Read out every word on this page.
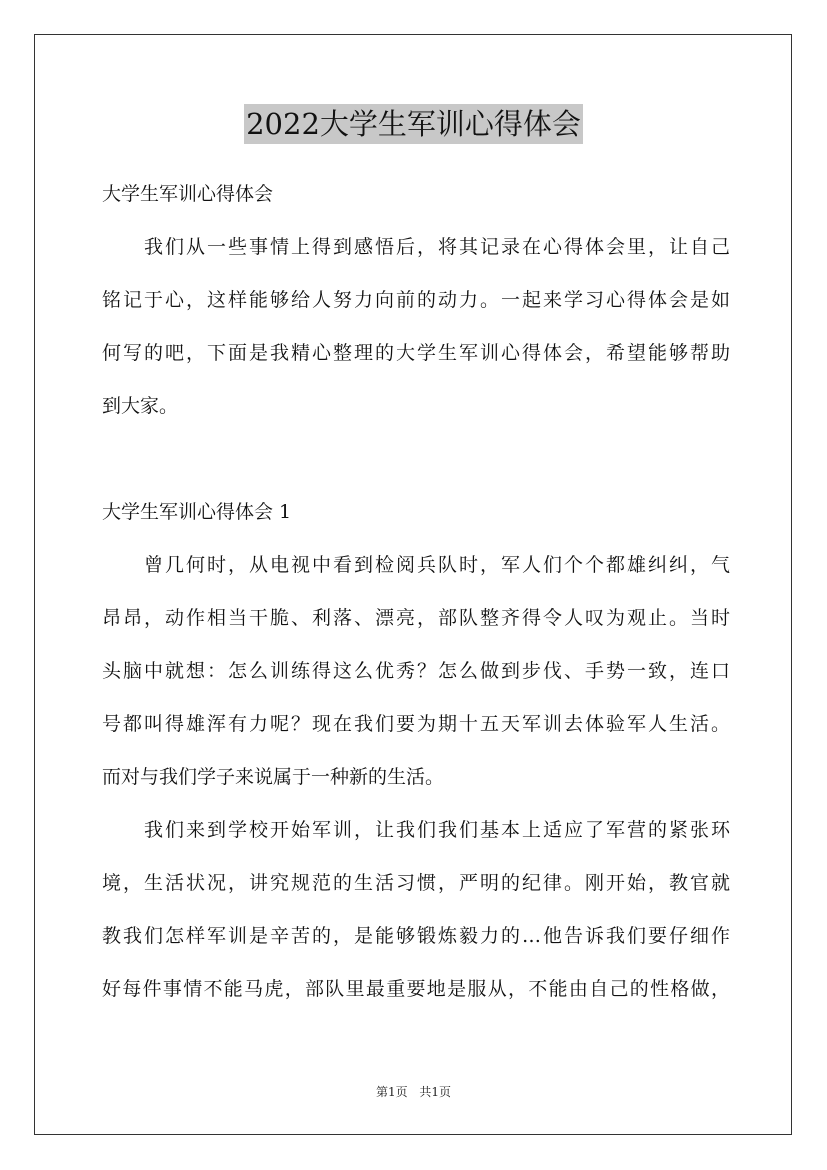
2022大学生军训心得体会
大学生军训心得体会
我们从一些事情上得到感悟后，将其记录在心得体会里，让自己
铭记于心，这样能够给人努力向前的动力。一起来学习心得体会是如
何写的吧，下面是我精心整理的大学生军训心得体会，希望能够帮助
到大家。
大学生军训心得体会 1
曾几何时，从电视中看到检阅兵队时，军人们个个都雄纠纠，气
昂昂，动作相当干脆、利落、漂亮，部队整齐得令人叹为观止。当时
头脑中就想：怎么训练得这么优秀？怎么做到步伐、手势一致，连口
号都叫得雄浑有力呢？现在我们要为期十五天军训去体验军人生活。
而对与我们学子来说属于一种新的生活。
我们来到学校开始军训，让我们我们基本上适应了军营的紧张环
境，生活状况，讲究规范的生活习惯，严明的纪律。刚开始，教官就
教我们怎样军训是辛苦的，是能够锻炼毅力的…他告诉我们要仔细作
好每件事情不能马虎，部队里最重要地是服从，不能由自己的性格做，
第1页 共1页
